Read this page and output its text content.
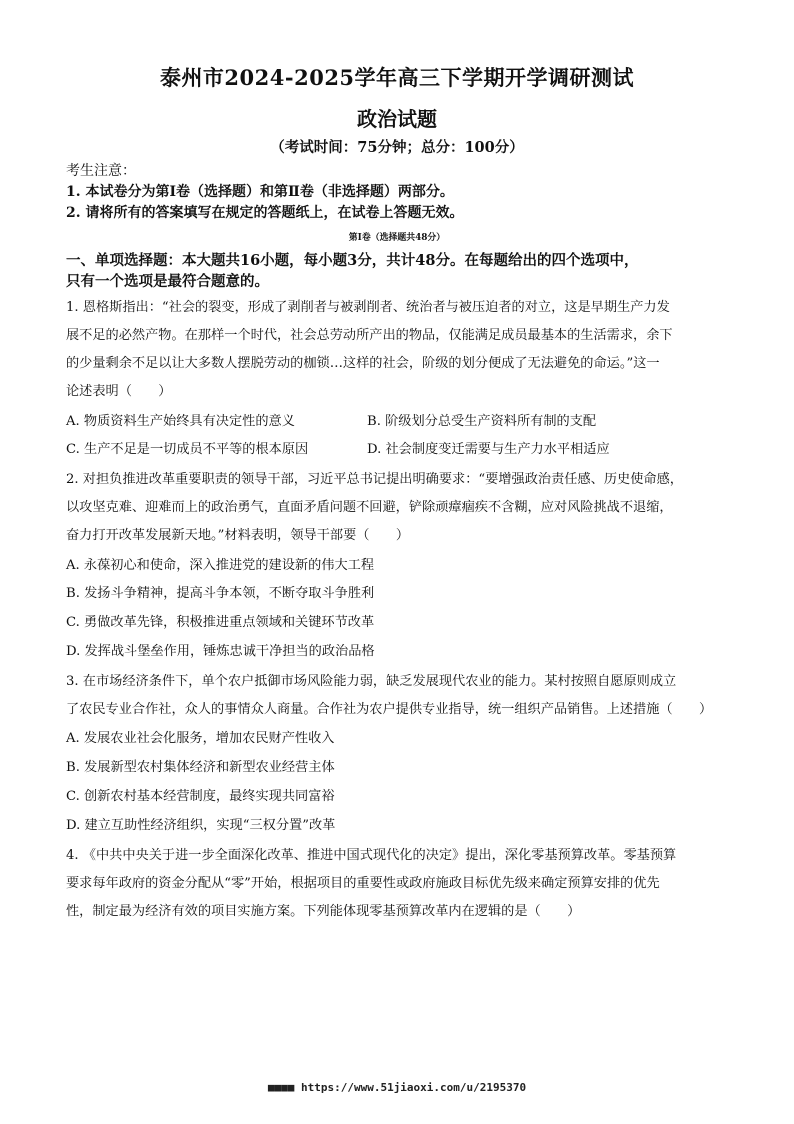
泰州市2024-2025学年高三下学期开学调研测试
政治试题
（考试时间：75分钟；总分：100分）
考生注意：
1. 本试卷分为第Ⅰ卷（选择题）和第Ⅱ卷（非选择题）两部分。
2. 请将所有的答案填写在规定的答题纸上，在试卷上答题无效。
第Ⅰ卷（选择题共48分）
一、单项选择题：本大题共16小题，每小题3分，共计48分。在每题给出的四个选项中，
只有一个选项是最符合题意的。
1. 恩格斯指出：“社会的裂变，形成了剥削者与被剥削者、统治者与被压迫者的对立，这是早期生产力发
展不足的必然产物。在那样一个时代，社会总劳动所产出的物品，仅能满足成员最基本的生活需求，余下
的少量剩余不足以让大多数人摆脱劳动的枷锁…这样的社会，阶级的划分便成了无法避免的命运。”这一
论述表明（　　）
A. 物质资料生产始终具有决定性的意义	B. 阶级划分总受生产资料所有制的支配
C. 生产不足是一切成员不平等的根本原因	D. 社会制度变迁需要与生产力水平相适应
2. 对担负推进改革重要职责的领导干部，习近平总书记提出明确要求：“要增强政治责任感、历史使命感，
以攻坚克难、迎难而上的政治勇气，直面矛盾问题不回避，铲除顽瘴痼疾不含糊，应对风险挑战不退缩，
奋力打开改革发展新天地。”材料表明，领导干部要（　　）
A. 永葆初心和使命，深入推进党的建设新的伟大工程
B. 发扬斗争精神，提高斗争本领，不断夺取斗争胜利
C. 勇做改革先锋，积极推进重点领域和关键环节改革
D. 发挥战斗堡垒作用，锤炼忠诚干净担当的政治品格
3. 在市场经济条件下，单个农户抵御市场风险能力弱，缺乏发展现代农业的能力。某村按照自愿原则成立
了农民专业合作社，众人的事情众人商量。合作社为农户提供专业指导，统一组织产品销售。上述措施（　　）
A. 发展农业社会化服务，增加农民财产性收入
B. 发展新型农村集体经济和新型农业经营主体
C. 创新农村基本经营制度，最终实现共同富裕
D. 建立互助性经济组织，实现“三权分置”改革
4. 《中共中央关于进一步全面深化改革、推进中国式现代化的决定》提出，深化零基预算改革。零基预算
要求每年政府的资金分配从“零”开始，根据项目的重要性或政府施政目标优先级来确定预算安排的优先
性，制定最为经济有效的项目实施方案。下列能体现零基预算改革内在逻辑的是（　　）
■■■■ https://www.51jiaoxi.com/u/2195370
